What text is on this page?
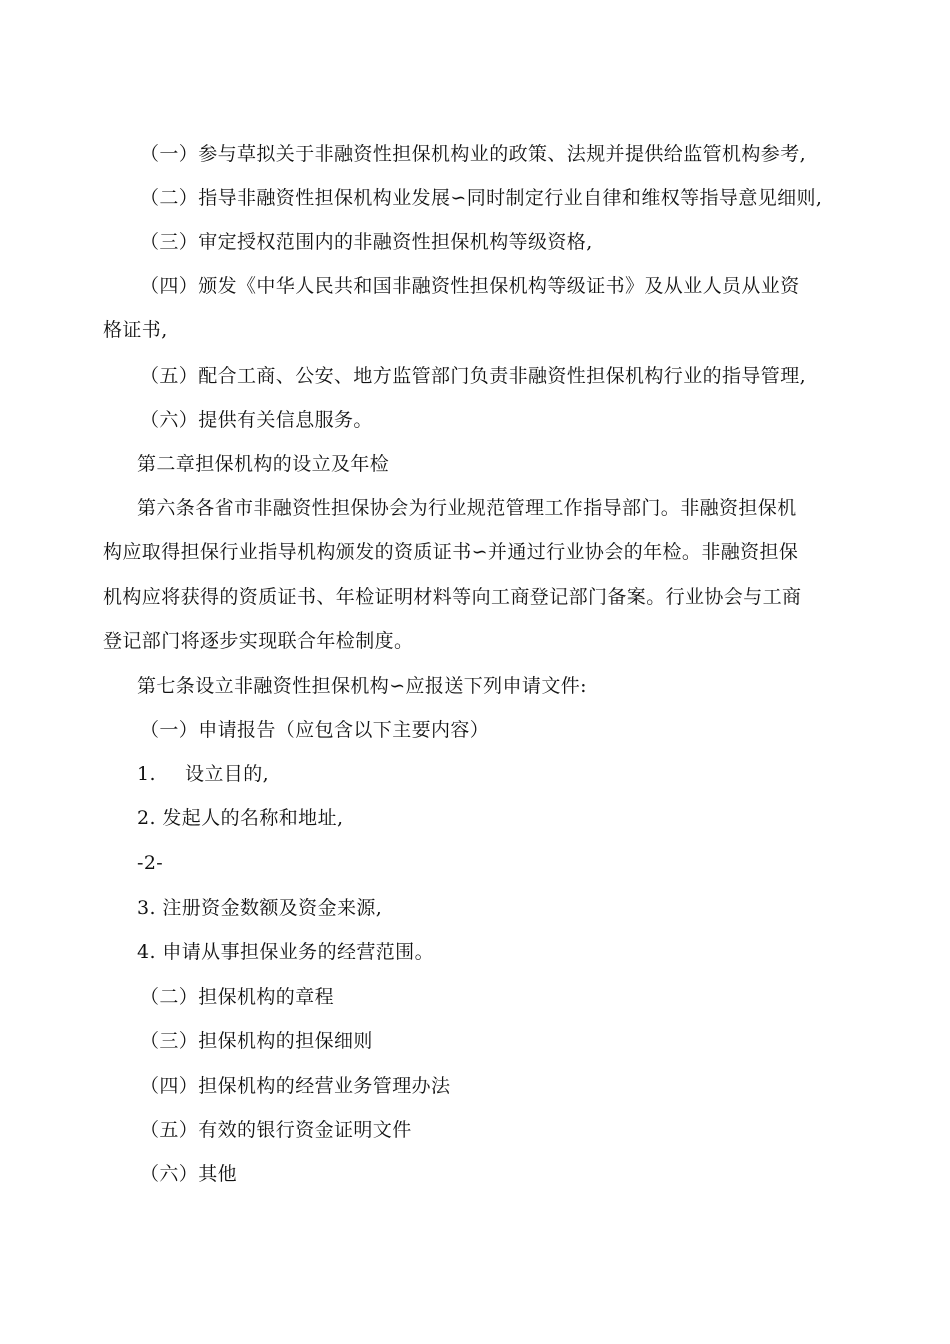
（一）参与草拟关于非融资性担保机构业的政策、法规并提供给监管机构参考,
（二）指导非融资性担保机构业发展∽同时制定行业自律和维权等指导意见细则,
（三）审定授权范围内的非融资性担保机构等级资格,
（四）颁发《中华人民共和国非融资性担保机构等级证书》及从业人员从业资
格证书,
（五）配合工商、公安、地方监管部门负责非融资性担保机构行业的指导管理,
（六）提供有关信息服务。
第二章担保机构的设立及年检
第六条各省市非融资性担保协会为行业规范管理工作指导部门。非融资担保机
构应取得担保行业指导机构颁发的资质证书∽并通过行业协会的年检。非融资担保
机构应将获得的资质证书、年检证明材料等向工商登记部门备案。行业协会与工商
登记部门将逐步实现联合年检制度。
第七条设立非融资性担保机构∽应报送下列申请文件:
（一）申请报告（应包含以下主要内容）
1. 设立目的,
2. 发起人的名称和地址,
-2-
3. 注册资金数额及资金来源,
4. 申请从事担保业务的经营范围。
（二）担保机构的章程
（三）担保机构的担保细则
（四）担保机构的经营业务管理办法
（五）有效的银行资金证明文件
（六）其他
